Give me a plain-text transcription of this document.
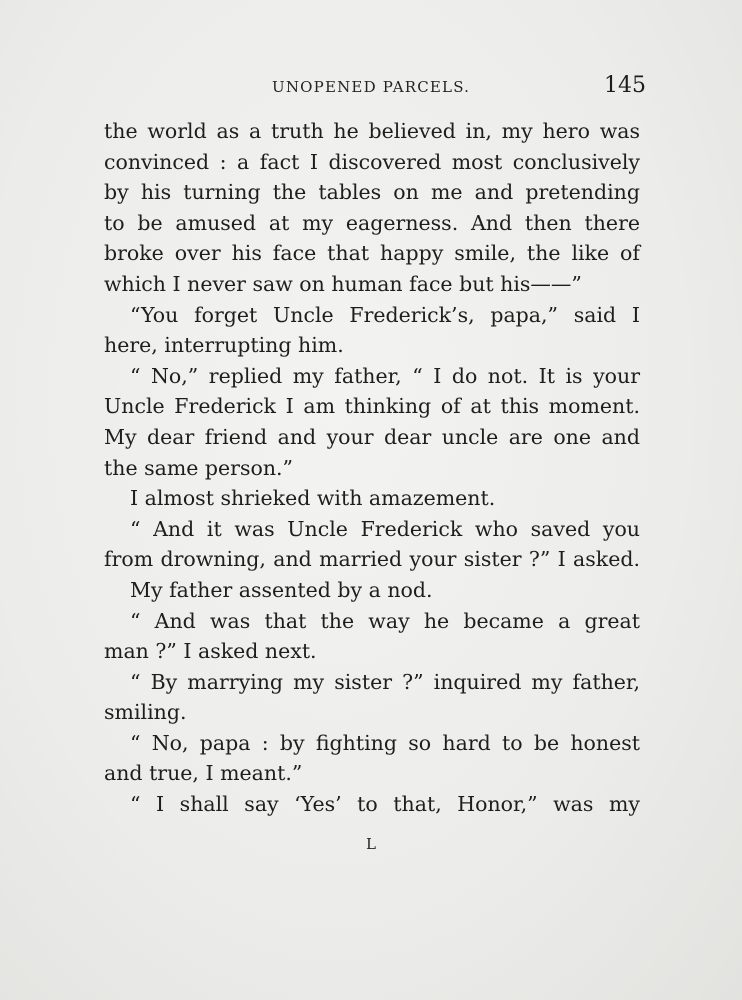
UNOPENED PARCELS.	145
the world as a truth he believed in, my hero was
convinced : a fact I discovered most conclusively
by his turning the tables on me and pretending
to be amused at my eagerness. And then there
broke over his face that happy smile, the like of
which I never saw on human face but his——”
“You forget Uncle Frederick’s, papa,” said I
here, interrupting him.
“ No,” replied my father, “ I do not. It is your
Uncle Frederick I am thinking of at this moment.
My dear friend and your dear uncle are one and
the same person.”
I almost shrieked with amazement.
“ And it was Uncle Frederick who saved you
from drowning, and married your sister ?” I asked.
My father assented by a nod.
“ And was that the way he became a great
man ?” I asked next.
“ By marrying my sister ?” inquired my father,
smiling.
“ No, papa : by fighting so hard to be honest
and true, I meant.”
“ I shall say ‘Yes’ to that, Honor,” was my
L
